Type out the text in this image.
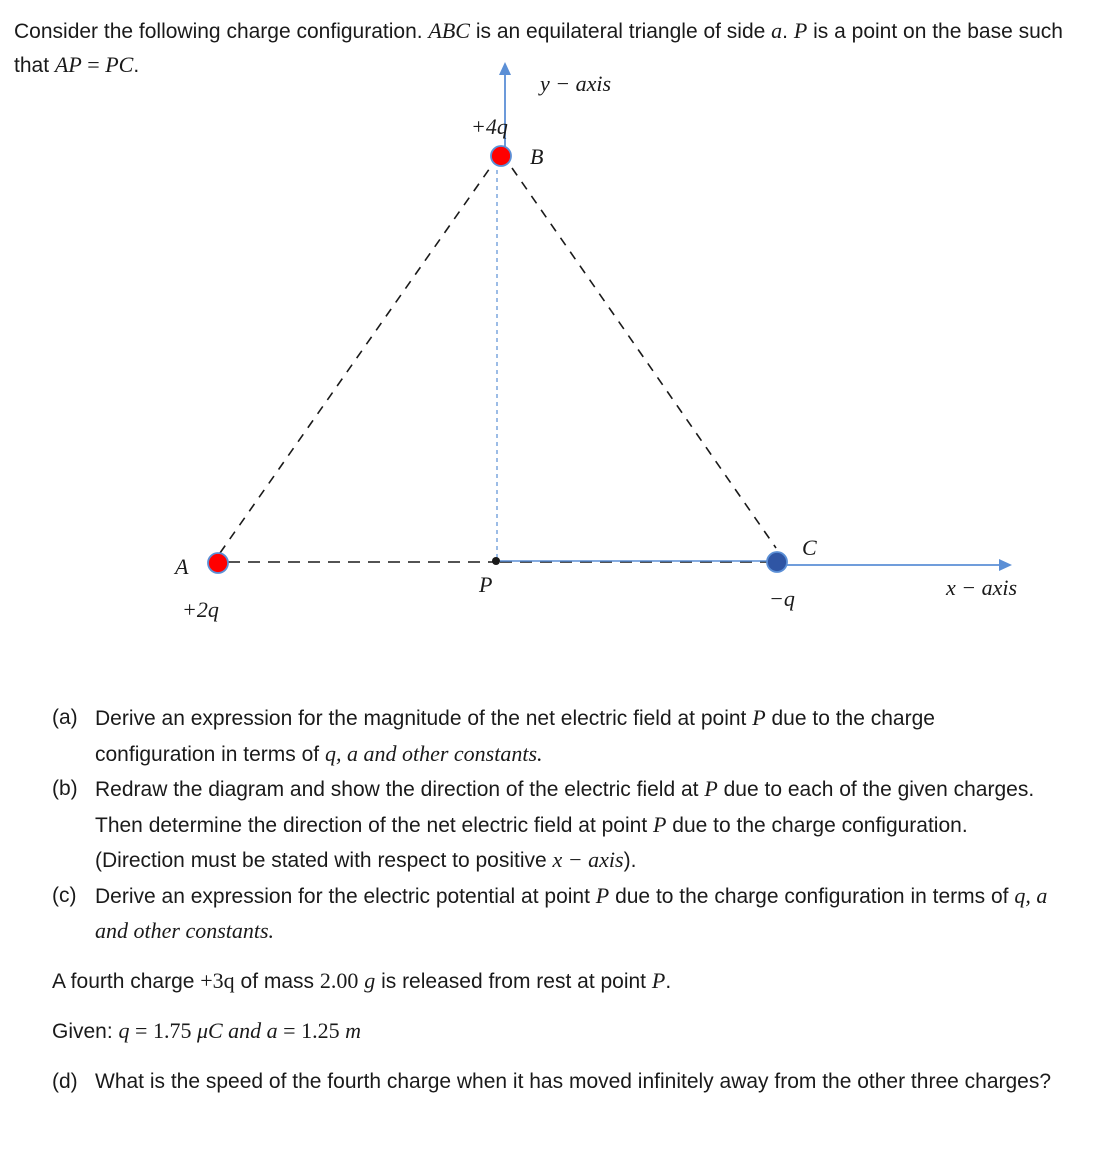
Consider the following charge configuration. ABC is an equilateral triangle of side a. P is a point on the base such that AP = PC.
y − axis
+4q
B
C
A
P	x − axis
−q
+2q
(a) Derive an expression for the magnitude of the net electric field at point P due to the charge configuration in terms of q, a and other constants.
(b) Redraw the diagram and show the direction of the electric field at P due to each of the given charges. Then determine the direction of the net electric field at point P due to the charge configuration. (Direction must be stated with respect to positive x − axis).
(c) Derive an expression for the electric potential at point P due to the charge configuration in terms of q, a and other constants.
A fourth charge +3q of mass 2.00 g is released from rest at point P.
Given: q = 1.75 μC and a = 1.25 m
(d) What is the speed of the fourth charge when it has moved infinitely away from the other three charges?
